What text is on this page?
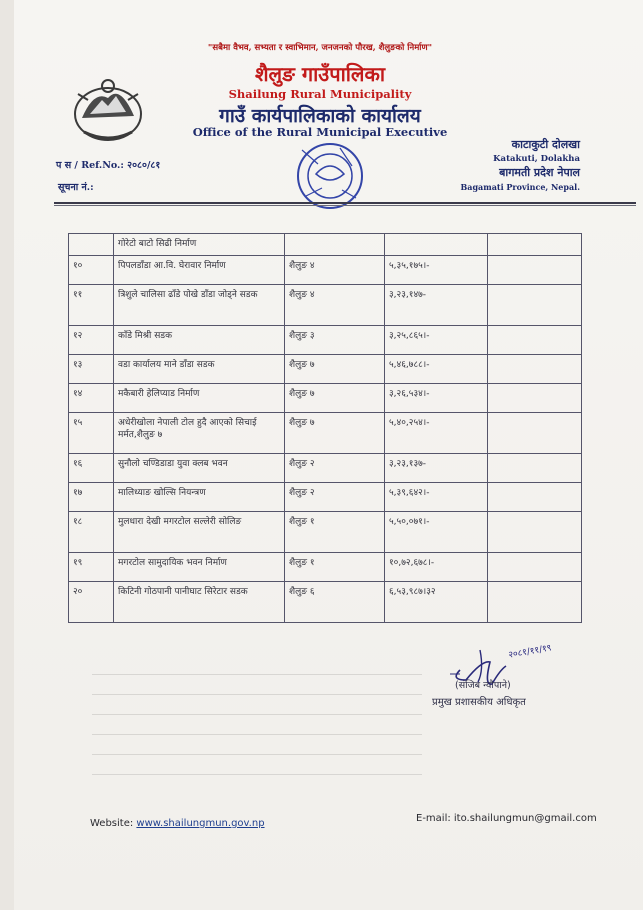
"सबैमा वैभव, सभ्यता र स्वाभिमान, जनजनको पौरख, शैलुङको निर्माण"
शैलुङ गाउँपालिका
Shailung Rural Municipality
गाउँ कार्यपालिकाको कार्यालय
Office of the Rural Municipal Executive
प स / Ref.No.: २०८०/८१
सूचना नं.:
काटाकुटी दोलखा
Katakuti, Dolakha
बागमती प्रदेश नेपाल
Bagamati Province, Nepal.
	गोरेटो बाटो सिढी निर्माण			
१०	पिपलडाँडा आ.वि. घेरावार निर्माण	शैलुङ ४	५,३५,१७५।-	
११	त्रिशुले चालिसा ढाँडे पोखे डाँडा जोड्ने सडक	शैलुङ ४	३,२३,१४७-	
१२	काँडे मिश्री सडक	शैलुङ ३	३,२५,८६५।-	
१३	वडा कार्यालय माने डाँडा सडक	शैलुङ ७	५,४६,७८८।-	
१४	मकैबारी हेलिप्याड निर्माण	शैलुङ ७	३,२६,५३४।-	
१५	अधेरीखोला नेपाली टोल हुदै आएको सिचाई मर्मत,शैलुङ ७	शैलुङ ७	५,४०,२५४।-	
१६	सुनौलो चण्डिडाडा युवा क्लब भवन	शैलुङ २	३,२३,१३७-	
१७	मालिध्याङ खोल्सि नियन्त्रण	शैलुङ २	५,३९,६४२।-	
१८	मुलधारा देखी मगरटोल सल्लेरी सोलिङ	शैलुङ १	५,५०,०७१।-	
१९	मगरटोल सामुदायिक भवन निर्माण	शैलुङ १	१०,७२,६७८।-	
२०	किटिनी गोठपानी पानीघाट सिरेटार सडक	शैलुङ ६	६,५३,९८७।३२	
२०८१/११/१९
(संजिब न्यौपाने)
प्रमुख प्रशासकीय अधिकृत
Website: www.shailungmun.gov.np	E-mail: ito.shailungmun@gmail.com
